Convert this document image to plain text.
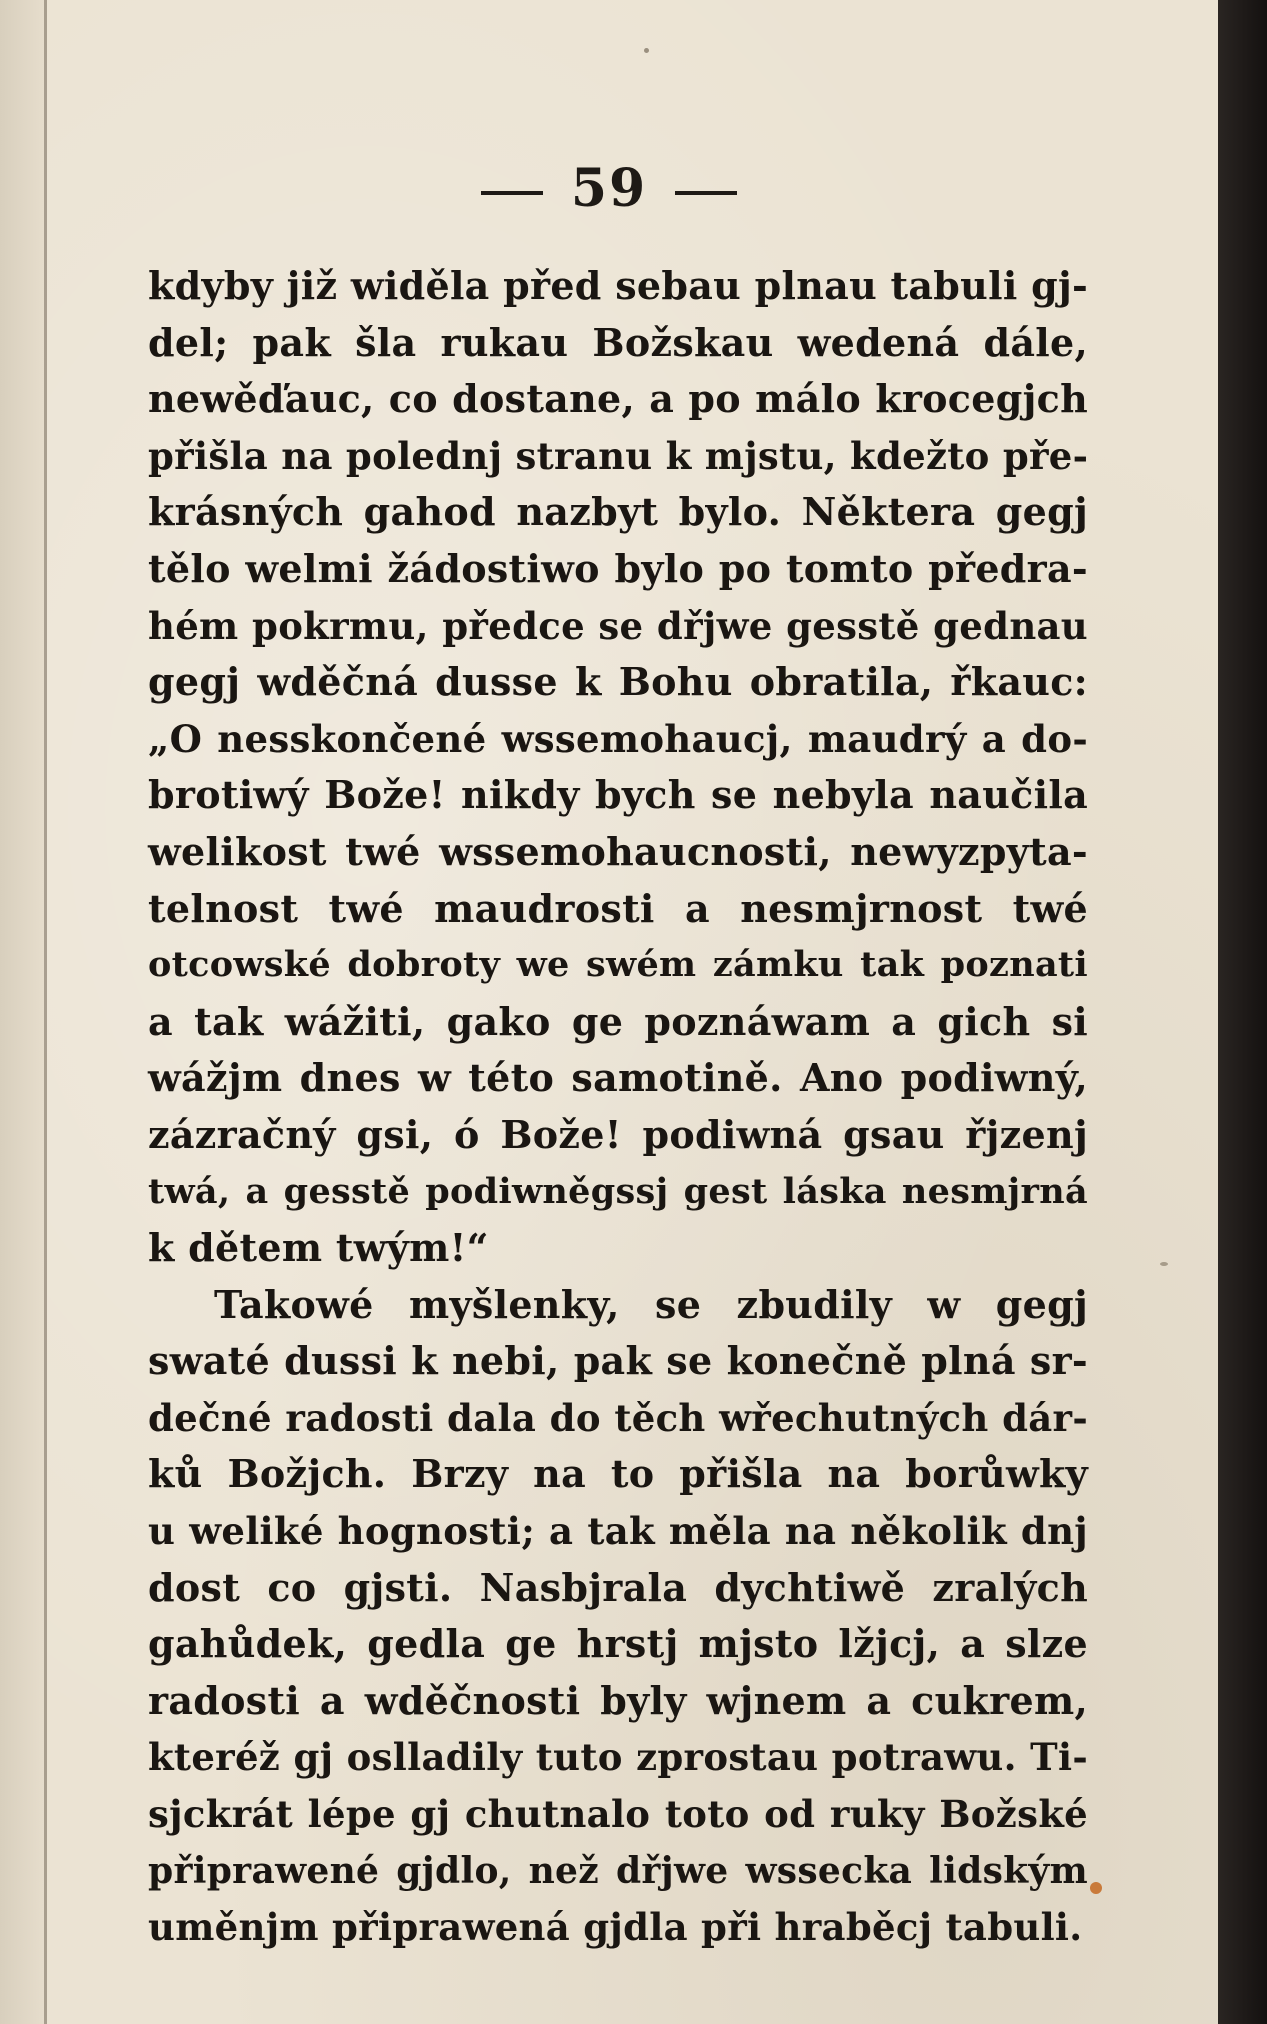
59
kdyby již widěla před sebau plnau tabuli gj-
del; pak šla rukau Božskau wedená dále,
newěďauc, co dostane, a po málo krocegjch
přišla na polednj stranu k mjstu, kdežto pře-
krásných gahod nazbyt bylo. Některa gegj
tělo welmi žádostiwo bylo po tomto předra-
hém pokrmu, předce se dřjwe gesstě gednau
gegj wděčná dusse k Bohu obratila, řkauc:
„O nesskončené wssemohaucj, maudrý a do-
brotiwý Bože! nikdy bych se nebyla naučila
welikost twé wssemohaucnosti, newyzpyta-
telnost twé maudrosti a nesmjrnost twé
otcowské dobroty we swém zámku tak poznati
a tak wážiti, gako ge poznáwam a gich si
wážjm dnes w této samotině. Ano podiwný,
zázračný gsi, ó Bože! podiwná gsau řjzenj
twá, a gesstě podiwněgssj gest láska nesmjrná
k dětem twým!“
Takowé myšlenky, se zbudily w gegj
swaté dussi k nebi, pak se konečně plná sr-
dečné radosti dala do těch wřechutných dár-
ků Božjch. Brzy na to přišla na borůwky
u weliké hognosti; a tak měla na několik dnj
dost co gjsti. Nasbjrala dychtiwě zralých
gahůdek, gedla ge hrstj mjsto lžjcj, a slze
radosti a wděčnosti byly wjnem a cukrem,
kteréž gj oslladily tuto zprostau potrawu. Ti-
sjckrát lépe gj chutnalo toto od ruky Božské
připrawené gjdlo, než dřjwe wssecka lidským
uměnjm připrawená gjdla při hraběcj tabuli.
